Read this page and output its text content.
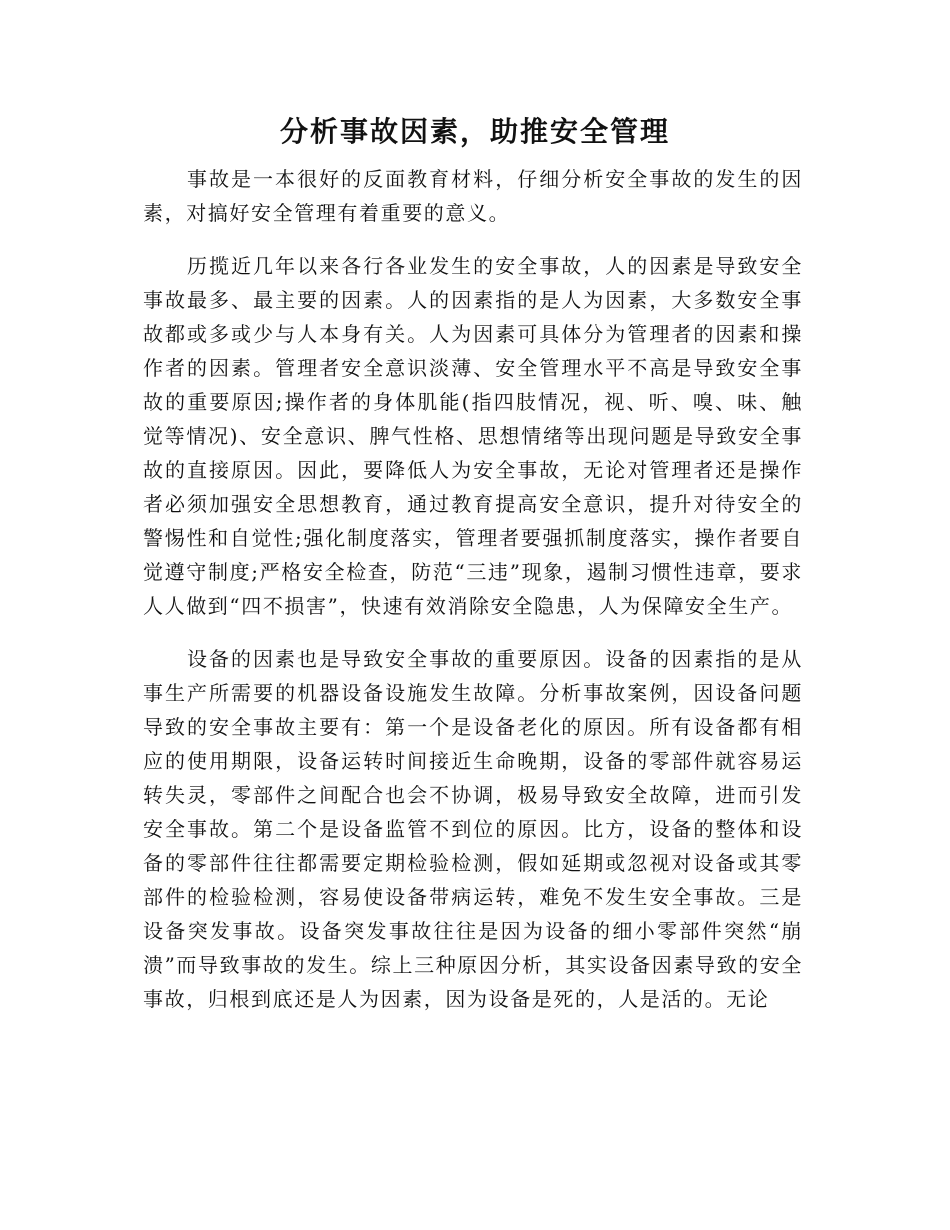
分析事故因素，助推安全管理

事故是一本很好的反面教育材料，仔细分析安全事故的发生的因素，对搞好安全管理有着重要的意义。

历揽近几年以来各行各业发生的安全事故，人的因素是导致安全事故最多、最主要的因素。人的因素指的是人为因素，大多数安全事故都或多或少与人本身有关。人为因素可具体分为管理者的因素和操作者的因素。管理者安全意识淡薄、安全管理水平不高是导致安全事故的重要原因;操作者的身体肌能(指四肢情况，视、听、嗅、味、触觉等情况)、安全意识、脾气性格、思想情绪等出现问题是导致安全事故的直接原因。因此，要降低人为安全事故，无论对管理者还是操作者必须加强安全思想教育，通过教育提高安全意识，提升对待安全的警惕性和自觉性;强化制度落实，管理者要强抓制度落实，操作者要自觉遵守制度;严格安全检查，防范“三违”现象，遏制习惯性违章，要求人人做到“四不损害”，快速有效消除安全隐患，人为保障安全生产。

设备的因素也是导致安全事故的重要原因。设备的因素指的是从事生产所需要的机器设备设施发生故障。分析事故案例，因设备问题导致的安全事故主要有：第一个是设备老化的原因。所有设备都有相应的使用期限，设备运转时间接近生命晚期，设备的零部件就容易运转失灵，零部件之间配合也会不协调，极易导致安全故障，进而引发安全事故。第二个是设备监管不到位的原因。比方，设备的整体和设备的零部件往往都需要定期检验检测，假如延期或忽视对设备或其零部件的检验检测，容易使设备带病运转，难免不发生安全事故。三是设备突发事故。设备突发事故往往是因为设备的细小零部件突然“崩溃”而导致事故的发生。综上三种原因分析，其实设备因素导致的安全事故，归根到底还是人为因素，因为设备是死的，人是活的。无论
